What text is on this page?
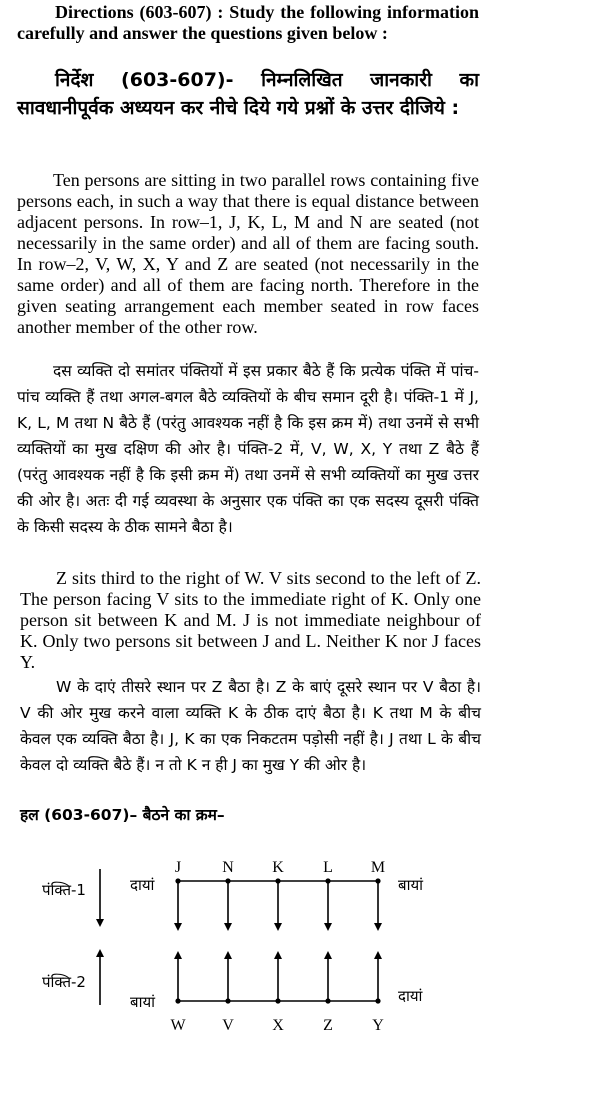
Directions (603-607) : Study the following information carefully and answer the questions given below :
निर्देश (603-607)- निम्नलिखित जानकारी का सावधानीपूर्वक अध्ययन कर नीचे दिये गये प्रश्नों के उत्तर दीजिये :
Ten persons are sitting in two parallel rows containing five persons each, in such a way that there is equal distance between adjacent persons. In row–1, J, K, L, M and N are seated (not necessarily in the same order) and all of them are facing south. In row–2, V, W, X, Y and Z are seated (not necessarily in the same order) and all of them are facing north. Therefore in the given seating arrangement each member seated in row faces another member of the other row.
दस व्यक्ति दो समांतर पंक्तियों में इस प्रकार बैठे हैं कि प्रत्येक पंक्ति में पांच-पांच व्यक्ति हैं तथा अगल-बगल बैठे व्यक्तियों के बीच समान दूरी है। पंक्ति-1 में J, K, L, M तथा N बैठे हैं (परंतु आवश्यक नहीं है कि इस क्रम में) तथा उनमें से सभी व्यक्तियों का मुख दक्षिण की ओर है। पंक्ति-2 में, V, W, X, Y तथा Z बैठे हैं (परंतु आवश्यक नहीं है कि इसी क्रम में) तथा उनमें से सभी व्यक्तियों का मुख उत्तर की ओर है। अतः दी गई व्यवस्था के अनुसार एक पंक्ति का एक सदस्य दूसरी पंक्ति के किसी सदस्य के ठीक सामने बैठा है।
Z sits third to the right of W. V sits second to the left of Z. The person facing V sits to the immediate right of K. Only one person sit between K and M. J is not immediate neighbour of K. Only two persons sit between J and L. Neither K nor J faces Y.
W के दाएं तीसरे स्थान पर Z बैठा है। Z के बाएं दूसरे स्थान पर V बैठा है। V की ओर मुख करने वाला व्यक्ति K के ठीक दाएं बैठा है। K तथा M के बीच केवल एक व्यक्ति बैठा है। J, K का एक निकटतम पड़ोसी नहीं है। J तथा L के बीच केवल दो व्यक्ति बैठे हैं। न तो K न ही J का मुख Y की ओर है।
हल (603-607)– बैठने का क्रम–
पंक्ति-1	दायां	बायां
J	N K L M
पंक्ति-2
बायां	दायां
W V X Z Y
